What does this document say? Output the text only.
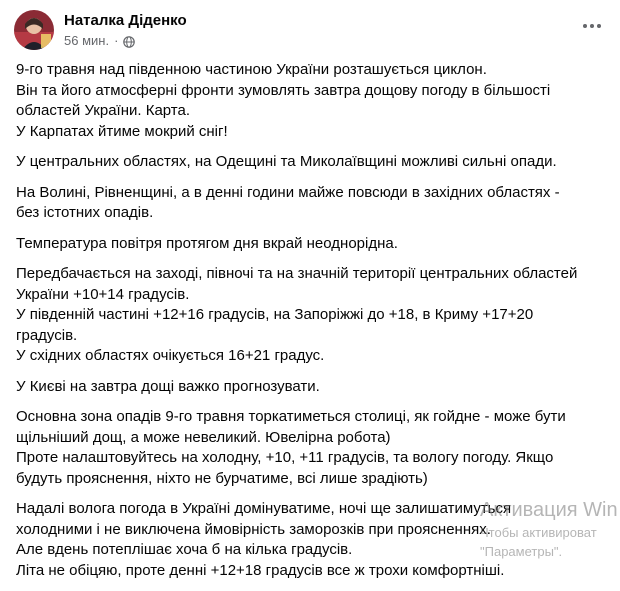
Наталка Діденко
56 мин. ·

9-го травня над південною частиною України розташується циклон.
Він та його атмосферні фронти зумовлять завтра дощову погоду в більшості
областей України. Карта.
У Карпатах йтиме мокрий сніг!

У центральних областях, на Одещині та Миколаївщині можливі сильні опади.

На Волині, Рівненщині, а в денні години майже повсюди в західних областях -
без істотних опадів.

Температура повітря протягом дня вкрай неоднорідна.

Передбачається на заході, півночі та на значній території центральних областей
України +10+14 градусів.
У південній частині +12+16 градусів, на Запоріжжі до +18, в Криму +17+20
градусів.
У східних областях очікується 16+21 градус.

У Києві на завтра дощі важко прогнозувати.

Основна зона опадів 9-го травня торкатиметься столиці, як гойдне - може бути
щільніший дощ, а може невеликий. Ювелірна робота)
Проте налаштовуйтесь на холодну, +10, +11 градусів, та вологу погоду. Якщо
будуть прояснення, ніхто не бурчатиме, всі лише зрадіють)

Надалі волога погода в Україні домінуватиме, ночі ще залишатимуться
холодними і не виключена ймовірність заморозків при проясненнях.
Але вдень потеплішає хоча б на кілька градусів.
Літа не обіцяю, проте денні +12+18 градусів все ж трохи комфортніші.

Активация Win
Чтобы активироват
"Параметры".
